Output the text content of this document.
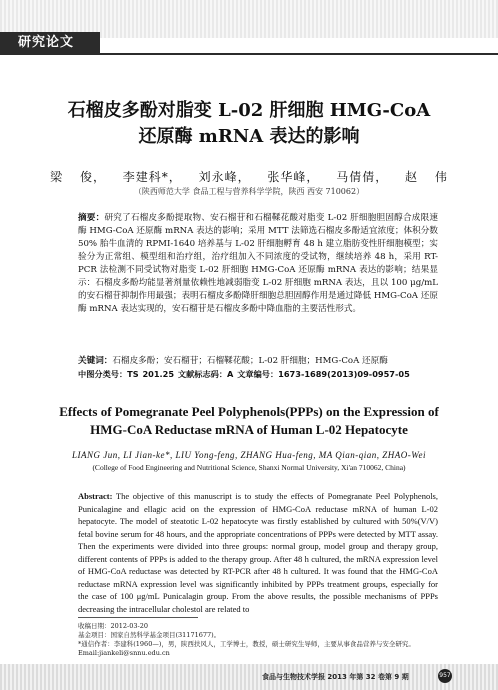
研究论文
石榴皮多酚对脂变 L-02 肝细胞 HMG-CoA
还原酶 mRNA 表达的影响
梁 俊， 李建科*， 刘永峰， 张华峰， 马倩倩， 赵 伟
（陕西师范大学 食品工程与营养科学学院，陕西 西安 710062）
摘要：研究了石榴皮多酚提取物、安石榴苷和石榴鞣花酸对脂变 L-02 肝细胞胆固醇合成限速酶 HMG-CoA 还原酶 mRNA 表达的影响；采用 MTT 法筛选石榴皮多酚适宜浓度；体积分数 50% 胎牛血清的 RPMI-1640 培养基与 L-02 肝细胞孵育 48 h 建立脂肪变性肝细胞模型；实验分为正常组、模型组和治疗组，治疗组加入不同浓度的受试物，继续培养 48 h，采用 RT-PCR 法检测不同受试物对脂变 L-02 肝细胞 HMG-CoA 还原酶 mRNA 表达的影响；结果显示：石榴皮多酚均能显著剂量依赖性地减弱脂变 L-02 肝细胞 mRNA 表达，且以 100 μg/mL 的安石榴苷抑制作用最强；表明石榴皮多酚降肝细胞总胆固醇作用是通过降低 HMG-CoA 还原酶 mRNA 表达实现的，安石榴苷是石榴皮多酚中降血脂的主要活性形式。
关键词：石榴皮多酚；安石榴苷；石榴鞣花酸；L-02 肝细胞；HMG-CoA 还原酶
中图分类号：TS 201.25 文献标志码：A 文章编号：1673-1689(2013)09-0957-05
Effects of Pomegranate Peel Polyphenols(PPPs) on the Expression of
HMG-CoA Reductase mRNA of Human L-02 Hepatocyte
LIANG Jun, LI Jian-ke*, LIU Yong-feng, ZHANG Hua-feng, MA Qian-qian, ZHAO-Wei
(College of Food Engineering and Nutritional Science, Shanxi Normal University, Xi'an 710062, China)
Abstract: The objective of this manuscript is to study the effects of Pomegranate Peel Polyphenols, Punicalagine and ellagic acid on the expression of HMG-CoA reductase mRNA of human L-02 hepatocyte. The model of steatotic L-02 hepatocyte was firstly established by cultured with 50%(V/V) fetal bovine serum for 48 hours, and the appropriate concentrations of PPPs were detected by MTT assay. Then the experiments were divided into three groups: normal group, model group and therapy group, different contents of PPPs is added to the therapy group. After 48 h cultured, the mRNA expression level of HMG-CoA reductase was detected by RT-PCR after 48 h cultured. It was found that the HMG-CoA reductase mRNA expression level was significantly inhibited by PPPs treatment groups, especially for the case of 100 μg/mL Punicalagin group. From the above results, the possible mechanisms of PPPs decreasing the intracellular cholestol are related to
收稿日期：2012-03-20
基金项目：国家自然科学基金项目(31171677)。
*通信作者：李建科(1960—)，男，陕西扶风人，工学博士，教授，硕士研究生导师，主要从事食品营养与安全研究。Email:jiankeli@snnu.edu.cn
食品与生物技术学报 2013 年第 32 卷第 9 期	957
